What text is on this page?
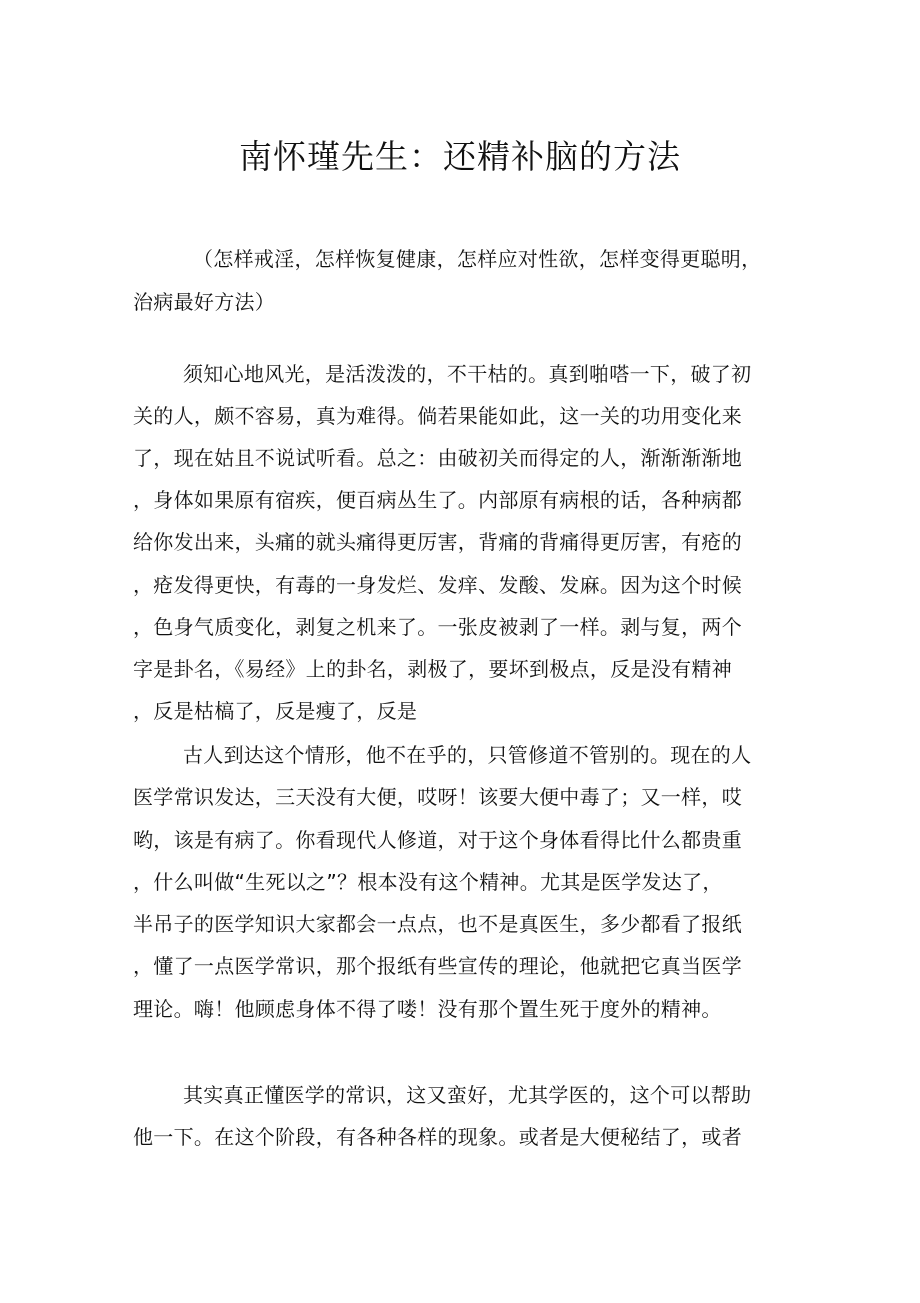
南怀瑾先生：还精补脑的方法

（怎样戒淫，怎样恢复健康，怎样应对性欲，怎样变得更聪明，

治病最好方法）

须知心地风光，是活泼泼的，不干枯的。真到啪嗒一下，破了初

关的人，颇不容易，真为难得。倘若果能如此，这一关的功用变化来

了，现在姑且不说试听看。总之：由破初关而得定的人，渐渐渐渐地

，身体如果原有宿疾，便百病丛生了。内部原有病根的话，各种病都

给你发出来，头痛的就头痛得更厉害，背痛的背痛得更厉害，有疮的

，疮发得更快，有毒的一身发烂、发痒、发酸、发麻。因为这个时候

，色身气质变化，剥复之机来了。一张皮被剥了一样。剥与复，两个

字是卦名，《易经》上的卦名，剥极了，要坏到极点，反是没有精神

，反是枯槁了，反是瘦了，反是

古人到达这个情形，他不在乎的，只管修道不管别的。现在的人

医学常识发达，三天没有大便，哎呀！该要大便中毒了；又一样，哎

哟，该是有病了。你看现代人修道，对于这个身体看得比什么都贵重

，什么叫做“生死以之”？根本没有这个精神。尤其是医学发达了，

半吊子的医学知识大家都会一点点，也不是真医生，多少都看了报纸

，懂了一点医学常识，那个报纸有些宣传的理论，他就把它真当医学

理论。嗨！他顾虑身体不得了喽！没有那个置生死于度外的精神。

其实真正懂医学的常识，这又蛮好，尤其学医的，这个可以帮助

他一下。在这个阶段，有各种各样的现象。或者是大便秘结了，或者
